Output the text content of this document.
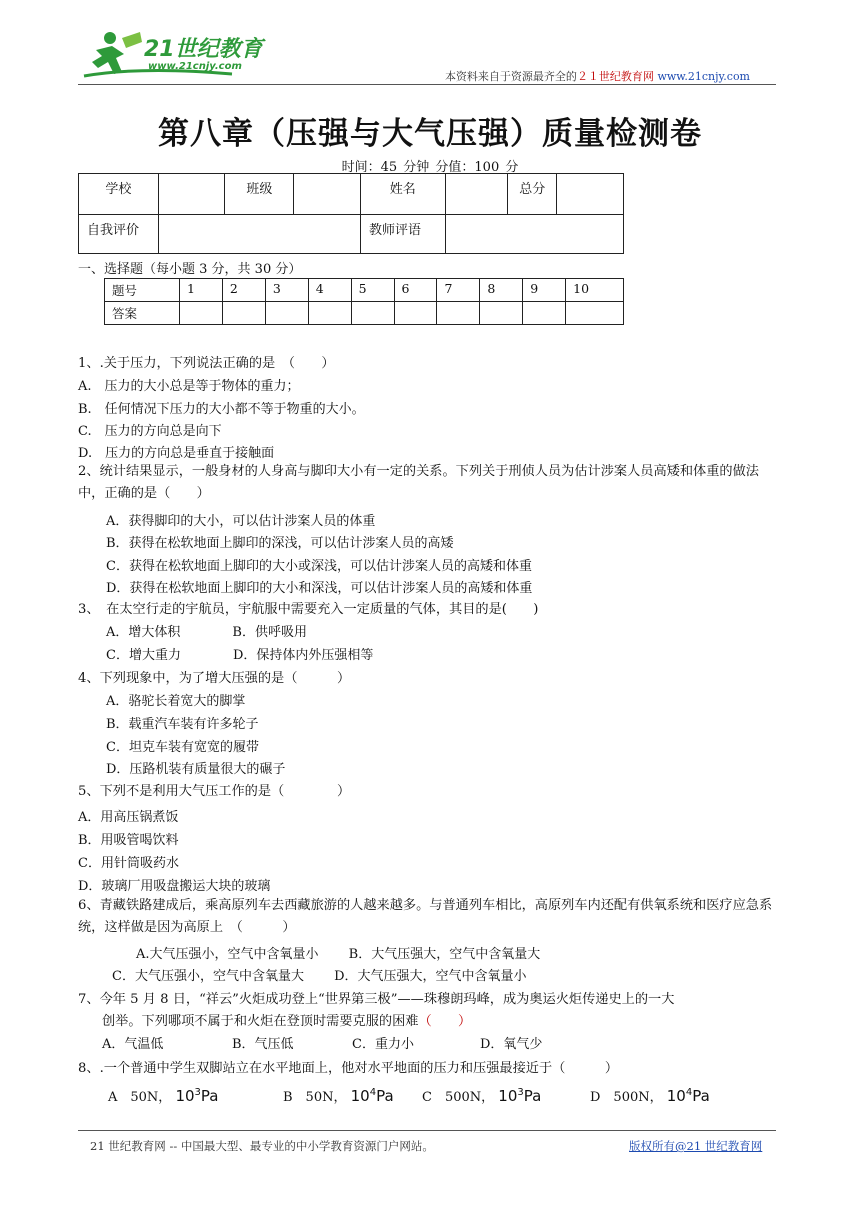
21世纪教育
www.21cnjy.com
本资料来自于资源最齐全的２１世纪教育网 www.21cnjy.com
第八章（压强与大气压强）质量检测卷
时间：45 分钟 分值：100 分
学校		班级		姓名		总分	
自我评价				教师评语			
一、选择题（每小题 3 分，共 30 分）
题号	1	2	3	4	5	6	7	8	9	10
答案										
1、.关于压力，下列说法正确的是　（　　）
A.　压力的大小总是等于物体的重力；
B.　任何情况下压力的大小都不等于物重的大小。
C.　压力的方向总是向下
D.　压力的方向总是垂直于接触面
2、统计结果显示，一般身材的人身高与脚印大小有一定的关系。下列关于刑侦人员为估计涉案人员高矮和体重的做法中，正确的是（　　）
A．获得脚印的大小，可以估计涉案人员的体重
B．获得在松软地面上脚印的深浅，可以估计涉案人员的高矮
C．获得在松软地面上脚印的大小或深浅，可以估计涉案人员的高矮和体重
D．获得在松软地面上脚印的大小和深浅，可以估计涉案人员的高矮和体重
3、　在太空行走的宇航员，宇航服中需要充入一定质量的气体，其目的是(　　)
A．增大体积　　　　B．供呼吸用
C．增大重力　　　　D．保持体内外压强相等
4、下列现象中，为了增大压强的是（　　　）
A．骆驼长着宽大的脚掌
B．载重汽车装有许多轮子
C．坦克车装有宽宽的履带
D．压路机装有质量很大的碾子
5、下列不是利用大气压工作的是（　　　　）
A．用高压锅煮饭
B．用吸管喝饮料
C．用针筒吸药水
D．玻璃厂用吸盘搬运大块的玻璃
6、青藏铁路建成后，乘高原列车去西藏旅游的人越来越多。与普通列车相比，高原列车内还配有供氧系统和医疗应急系统，这样做是因为高原上　（　　　）
A.大气压强小，空气中含氧量小　　 B．大气压强大，空气中含氧量大
C．大气压强小，空气中含氧量大　　 D．大气压强大，空气中含氧量小
7、今年 5 月 8 日，“祥云”火炬成功登上“世界第三极”——珠穆朗玛峰，成为奥运火炬传递史上的一大
创举。下列哪项不属于和火炬在登顶时需要克服的困难（　　）
A．气温低	B．气压低	C．重力小	D．氧气少
8、.一个普通中学生双脚站立在水平地面上，他对水平地面的压力和压强最接近于（　　　）
A　50N， $10^3Pa$	B　50N， $10^4Pa$ C　500N， $10^3Pa$	D　500N， $10^4Pa$
21 世纪教育网 -- 中国最大型、最专业的中小学教育资源门户网站。	版权所有@21 世纪教育网
